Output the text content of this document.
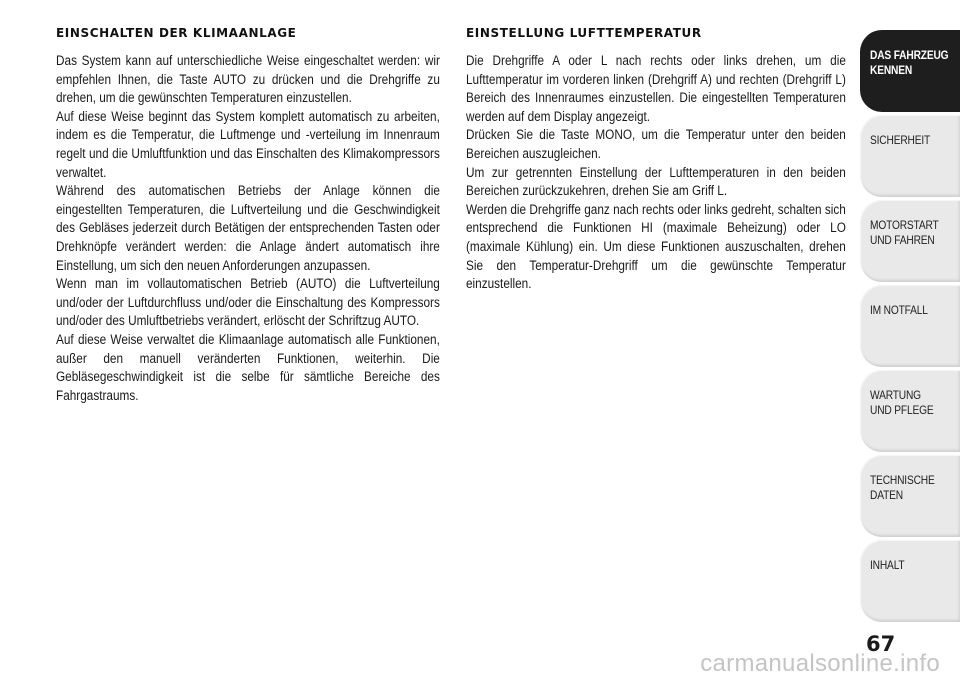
EINSCHALTEN DER KLIMAANLAGE

Das System kann auf unterschiedliche Weise eingeschaltet werden: wir empfehlen Ihnen, die Taste AUTO zu drücken und die Drehgriffe zu drehen, um die gewünschten Temperaturen einzustellen.

Auf diese Weise beginnt das System komplett automatisch zu arbeiten, indem es die Temperatur, die Luftmenge und -verteilung im Innenraum regelt und die Umluftfunktion und das Einschalten des Klimakompressors verwaltet.

Während des automatischen Betriebs der Anlage können die eingestellten Temperaturen, die Luftverteilung und die Geschwindigkeit des Gebläses jederzeit durch Betätigen der entsprechenden Tasten oder Drehknöpfe verändert werden: die Anlage ändert automatisch ihre Einstellung, um sich den neuen Anforderungen anzupassen.

Wenn man im vollautomatischen Betrieb (AUTO) die Luftverteilung und/oder der Luftdurchfluss und/oder die Einschaltung des Kompressors und/oder des Umluftbetriebs verändert, erlöscht der Schriftzug AUTO.

Auf diese Weise verwaltet die Klimaanlage automatisch alle Funktionen, außer den manuell veränderten Funktionen, weiterhin. Die Gebläsegeschwindigkeit ist die selbe für sämtliche Bereiche des Fahrgastraums.

EINSTELLUNG LUFTTEMPERATUR

Die Drehgriffe A oder L nach rechts oder links drehen, um die Lufttemperatur im vorderen linken (Drehgriff A) und rechten (Drehgriff L) Bereich des Innenraumes einzustellen. Die eingestellten Temperaturen werden auf dem Display angezeigt.

Drücken Sie die Taste MONO, um die Temperatur unter den beiden Bereichen auszugleichen.

Um zur getrennten Einstellung der Lufttemperaturen in den beiden Bereichen zurückzukehren, drehen Sie am Griff L.

Werden die Drehgriffe ganz nach rechts oder links gedreht, schalten sich entsprechend die Funktionen HI (maximale Beheizung) oder LO (maximale Kühlung) ein. Um diese Funktionen auszuschalten, drehen Sie den Temperatur-Drehgriff um die gewünschte Temperatur einzustellen.

DAS FAHRZEUG
KENNEN
SICHERHEIT
MOTORSTART
UND FAHREN
IM NOTFALL
WARTUNG
UND PFLEGE
TECHNISCHE
DATEN
INHALT
67
carmanualsonline.info
